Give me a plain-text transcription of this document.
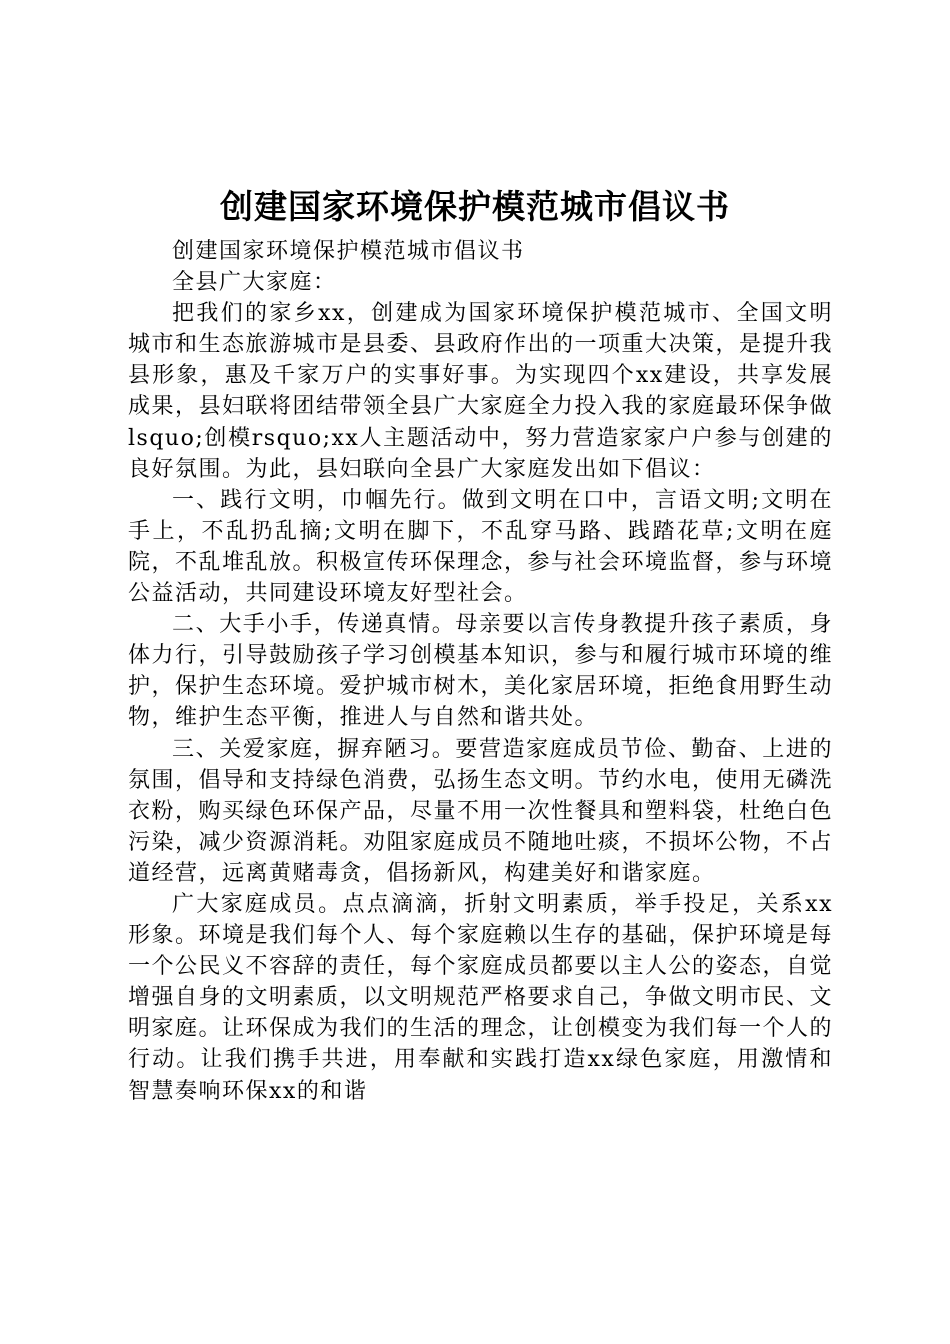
创建国家环境保护模范城市倡议书

创建国家环境保护模范城市倡议书

全县广大家庭：

把我们的家乡xx，创建成为国家环境保护模范城市、全国文明城市和生态旅游城市是县委、县政府作出的一项重大决策，是提升我县形象，惠及千家万户的实事好事。为实现四个xx建设，共享发展成果，县妇联将团结带领全县广大家庭全力投入我的家庭最环保争做lsquo;创模rsquo;xx人主题活动中，努力营造家家户户参与创建的良好氛围。为此，县妇联向全县广大家庭发出如下倡议：

一、践行文明，巾帼先行。做到文明在口中，言语文明;文明在手上，不乱扔乱摘;文明在脚下，不乱穿马路、践踏花草;文明在庭院，不乱堆乱放。积极宣传环保理念，参与社会环境监督，参与环境公益活动，共同建设环境友好型社会。

二、大手小手，传递真情。母亲要以言传身教提升孩子素质，身体力行，引导鼓励孩子学习创模基本知识，参与和履行城市环境的维护，保护生态环境。爱护城市树木，美化家居环境，拒绝食用野生动物，维护生态平衡，推进人与自然和谐共处。

三、关爱家庭，摒弃陋习。要营造家庭成员节俭、勤奋、上进的氛围，倡导和支持绿色消费，弘扬生态文明。节约水电，使用无磷洗衣粉，购买绿色环保产品，尽量不用一次性餐具和塑料袋，杜绝白色污染，减少资源消耗。劝阻家庭成员不随地吐痰，不损坏公物，不占道经营，远离黄赌毒贪，倡扬新风，构建美好和谐家庭。

广大家庭成员。点点滴滴，折射文明素质，举手投足，关系xx形象。环境是我们每个人、每个家庭赖以生存的基础，保护环境是每一个公民义不容辞的责任，每个家庭成员都要以主人公的姿态，自觉增强自身的文明素质，以文明规范严格要求自己，争做文明市民、文明家庭。让环保成为我们的生活的理念，让创模变为我们每一个人的行动。让我们携手共进，用奉献和实践打造xx绿色家庭，用激情和智慧奏响环保xx的和谐
